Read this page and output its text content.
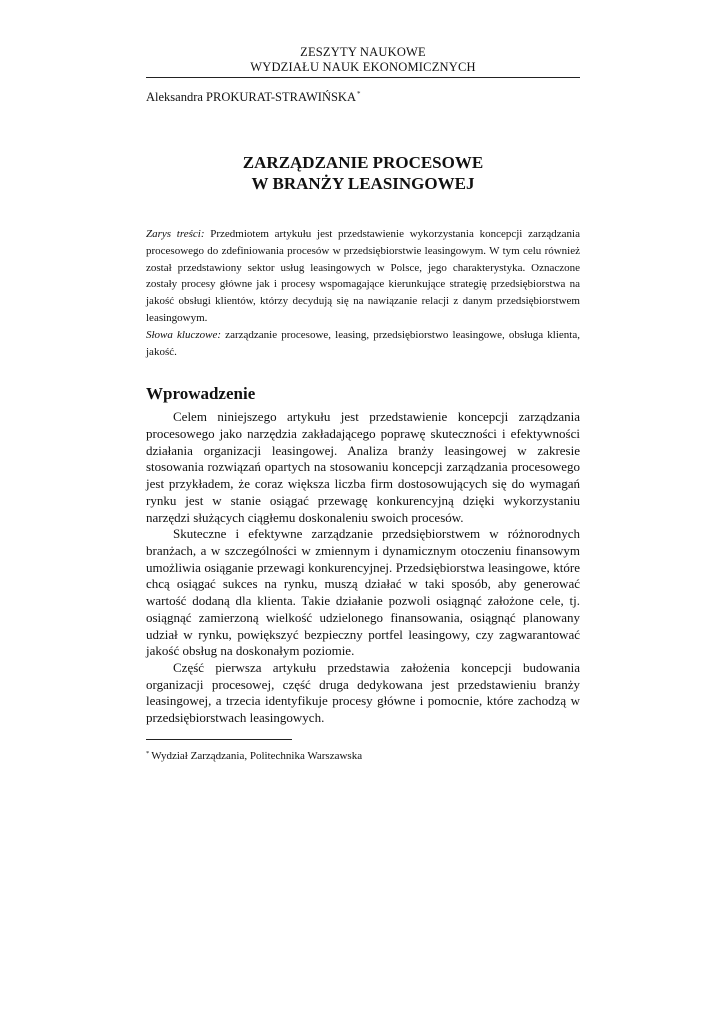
ZESZYTY NAUKOWE
WYDZIAŁU NAUK EKONOMICZNYCH
Aleksandra PROKURAT-STRAWIŃSKA*
ZARZĄDZANIE PROCESOWE
W BRANŻY LEASINGOWEJ

Zarys treści: Przedmiotem artykułu jest przedstawienie wykorzystania koncepcji zarządzania procesowego do zdefiniowania procesów w przedsiębiorstwie leasingowym. W tym celu również został przedstawiony sektor usług leasingowych w Polsce, jego charakterystyka. Oznaczone zostały procesy główne jak i procesy wspomagające kierunkujące strategię przedsiębiorstwa na jakość obsługi klientów, którzy decydują się na nawiązanie relacji z danym przedsiębiorstwem leasingowym.

Słowa kluczowe: zarządzanie procesowe, leasing, przedsiębiorstwo leasingowe, obsługa klienta, jakość.

Wprowadzenie

Celem niniejszego artykułu jest przedstawienie koncepcji zarządzania procesowego jako narzędzia zakładającego poprawę skuteczności i efektywności działania organizacji leasingowej. Analiza branży leasingowej w zakresie stosowania rozwiązań opartych na stosowaniu koncepcji zarządzania procesowego jest przykładem, że coraz większa liczba firm dostosowujących się do wymagań rynku jest w stanie osiągać przewagę konkurencyjną dzięki wykorzystaniu narzędzi służących ciągłemu doskonaleniu swoich procesów.

Skuteczne i efektywne zarządzanie przedsiębiorstwem w różnorodnych branżach, a w szczególności w zmiennym i dynamicznym otoczeniu finansowym umożliwia osiąganie przewagi konkurencyjnej. Przedsiębiorstwa leasingowe, które chcą osiągać sukces na rynku, muszą działać w taki sposób, aby generować wartość dodaną dla klienta. Takie działanie pozwoli osiągnąć założone cele, tj. osiągnąć zamierzoną wielkość udzielonego finansowania, osiągnąć planowany udział w rynku, powiększyć bezpieczny portfel leasingowy, czy zagwarantować jakość obsług na doskonałym poziomie.

Część pierwsza artykułu przedstawia założenia koncepcji budowania organizacji procesowej, część druga dedykowana jest przedstawieniu branży leasingowej, a trzecia identyfikuje procesy główne i pomocnie, które zachodzą w przedsiębiorstwach leasingowych.

* Wydział Zarządzania, Politechnika Warszawska
